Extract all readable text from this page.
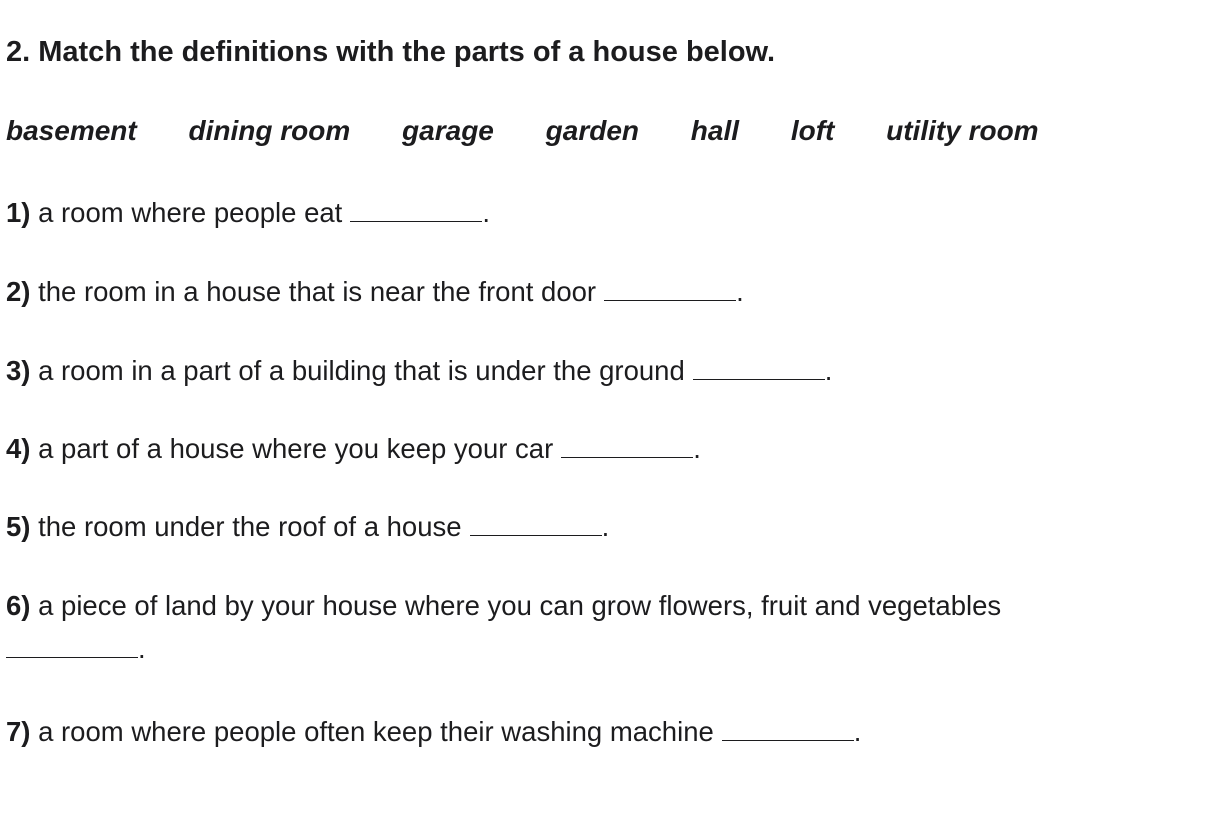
2. Match the definitions with the parts of a house below.
basement dining room garage garden hall loft utility room
1) a room where people eat	.
2) the room in a house that is near the front door	.
3) a room in a part of a building that is under the ground	.
4) a part of a house where you keep your car	.
5) the room under the roof of a house	.
6) a piece of land by your house where you can grow flowers, fruit and vegetables
.
7) a room where people often keep their washing machine	.
